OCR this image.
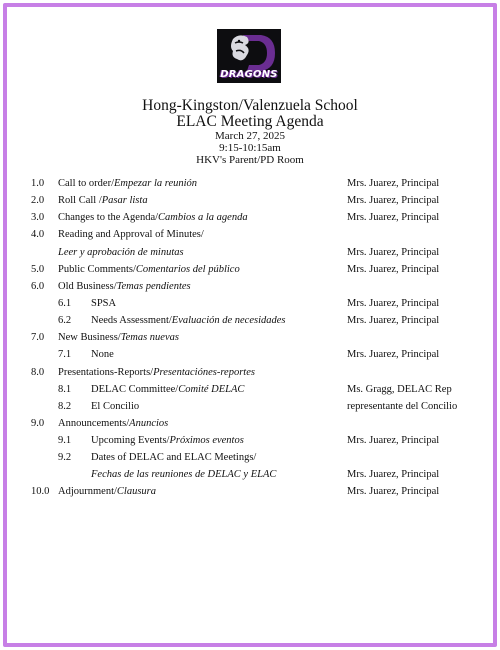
DRAGONS
Hong-Kingston/Valenzuela School
ELAC Meeting Agenda
March 27, 2025
9:15-10:15am
HKV's Parent/PD Room
1.0 Call to order/Empezar la reunión	Mrs. Juarez, Principal
2.0 Roll Call /Pasar lista	Mrs. Juarez, Principal
3.0 Changes to the Agenda/Cambios a la agenda	Mrs. Juarez, Principal
4.0 Reading and Approval of Minutes/
Leer y aprobación de minutas	Mrs. Juarez, Principal
5.0 Public Comments/Comentarios del público	Mrs. Juarez, Principal
6.0 Old Business/Temas pendientes
6.1 SPSA	Mrs. Juarez, Principal
6.2 Needs Assessment/Evaluación de necesidades	Mrs. Juarez, Principal
7.0 New Business/Temas nuevas
7.1 None	Mrs. Juarez, Principal
8.0 Presentations-Reports/Presentaciónes-reportes
8.1 DELAC Committee/Comité DELAC	Ms. Gragg, DELAC Rep
8.2 El Concilio	representante del Concilio
9.0 Announcements/Anuncios
9.1 Upcoming Events/Próximos eventos	Mrs. Juarez, Principal
9.2 Dates of DELAC and ELAC Meetings/
Fechas de las reuniones de DELAC y ELAC	Mrs. Juarez, Principal
10.0 Adjournment/Clausura	Mrs. Juarez, Principal
